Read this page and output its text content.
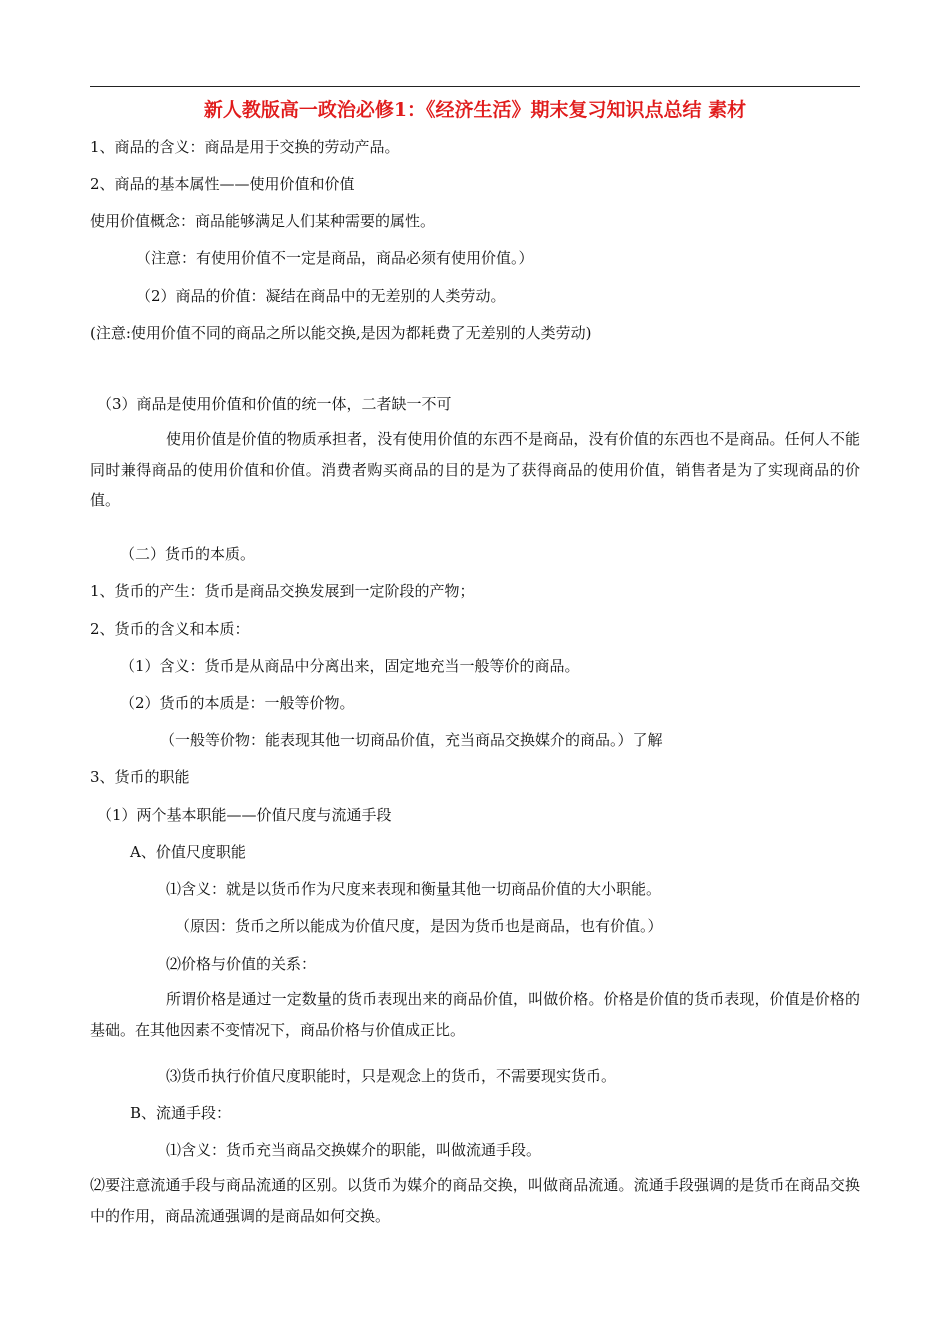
新人教版高一政治必修1：《经济生活》期末复习知识点总结 素材
1、商品的含义：商品是用于交换的劳动产品。
2、商品的基本属性——使用价值和价值
使用价值概念：商品能够满足人们某种需要的属性。
（注意：有使用价值不一定是商品，商品必须有使用价值。）
（2）商品的价值：凝结在商品中的无差别的人类劳动。
(注意:使用价值不同的商品之所以能交换,是因为都耗费了无差别的人类劳动)
（3）商品是使用价值和价值的统一体，二者缺一不可
使用价值是价值的物质承担者，没有使用价值的东西不是商品，没有价值的东西也不是商品。任何人不能同时兼得商品的使用价值和价值。消费者购买商品的目的是为了获得商品的使用价值，销售者是为了实现商品的价值。
（二）货币的本质。
1、货币的产生：货币是商品交换发展到一定阶段的产物；
2、货币的含义和本质：
（1）含义：货币是从商品中分离出来，固定地充当一般等价的商品。
（2）货币的本质是：一般等价物。
（一般等价物：能表现其他一切商品价值，充当商品交换媒介的商品。）了解
3、货币的职能
（1）两个基本职能——价值尺度与流通手段
A、价值尺度职能
⑴含义：就是以货币作为尺度来表现和衡量其他一切商品价值的大小职能。
（原因：货币之所以能成为价值尺度，是因为货币也是商品，也有价值。）
⑵价格与价值的关系：
所谓价格是通过一定数量的货币表现出来的商品价值，叫做价格。价格是价值的货币表现，价值是价格的基础。在其他因素不变情况下，商品价格与价值成正比。
⑶货币执行价值尺度职能时，只是观念上的货币，不需要现实货币。
B、流通手段：
⑴含义：货币充当商品交换媒介的职能，叫做流通手段。
⑵要注意流通手段与商品流通的区别。以货币为媒介的商品交换，叫做商品流通。流通手段强调的是货币在商品交换中的作用，商品流通强调的是商品如何交换。
